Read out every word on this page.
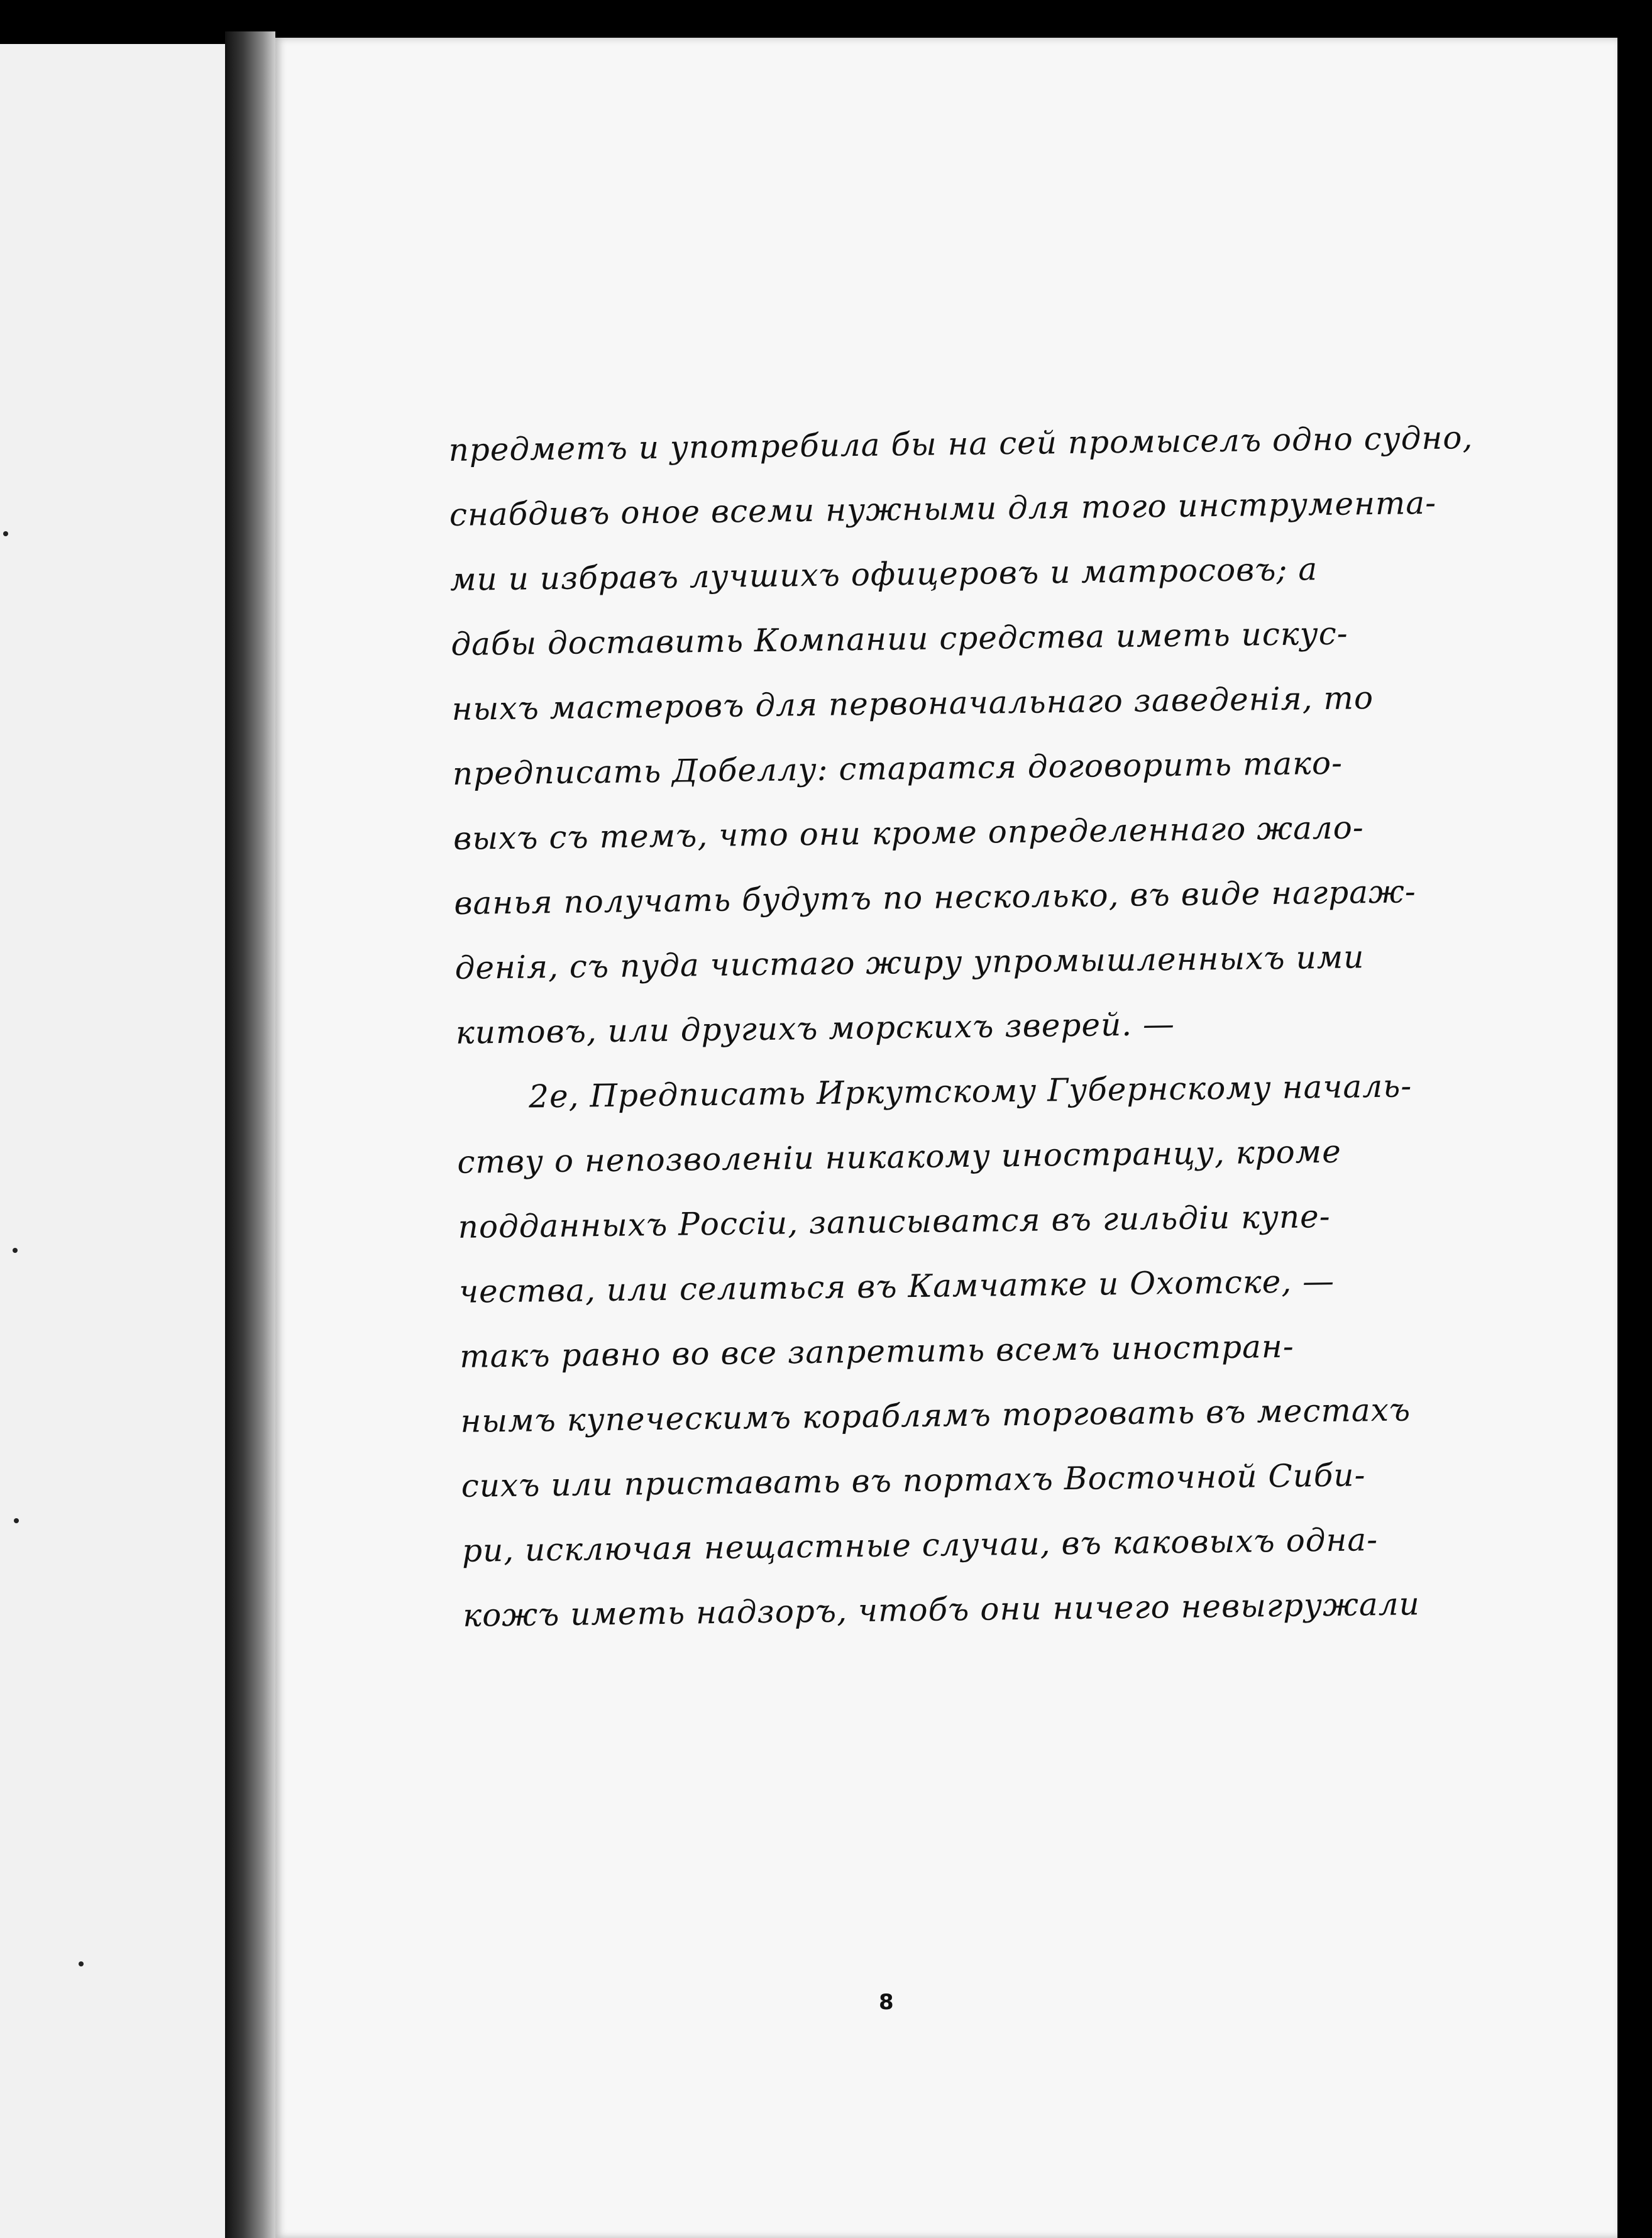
предметъ и употребила бы на сей промыселъ одно судно,
снабдивъ оное всеми нужными для того инструмента-
ми и избравъ лучшихъ офицеровъ и матросовъ; а
дабы доставить Компании средства иметь искус-
ныхъ мастеровъ для первоначальнаго заведенія, то
предписать Добеллу: старатся договорить тако-
выхъ съ темъ, что они кроме определеннаго жало-
ванья получать будутъ по несколько, въ виде награж-
денія, съ пуда чистаго жиру упромышленныхъ ими
китовъ, или другихъ морскихъ зверей. —
2е, Предписать Иркутскому Губернскому началь-
ству о непозволеніи никакому иностранцу, кроме
подданныхъ Россіи, записыватся въ гильдіи купе-
чества, или селиться въ Камчатке и Охотске, —
такъ равно во все запретить всемъ иностран-
нымъ купеческимъ кораблямъ торговать въ местахъ
сихъ или приставать въ портахъ Восточной Сиби-
ри, исключая нещастные случаи, въ каковыхъ одна-
кожъ иметь надзоръ, чтобъ они ничего невыгружали
8
